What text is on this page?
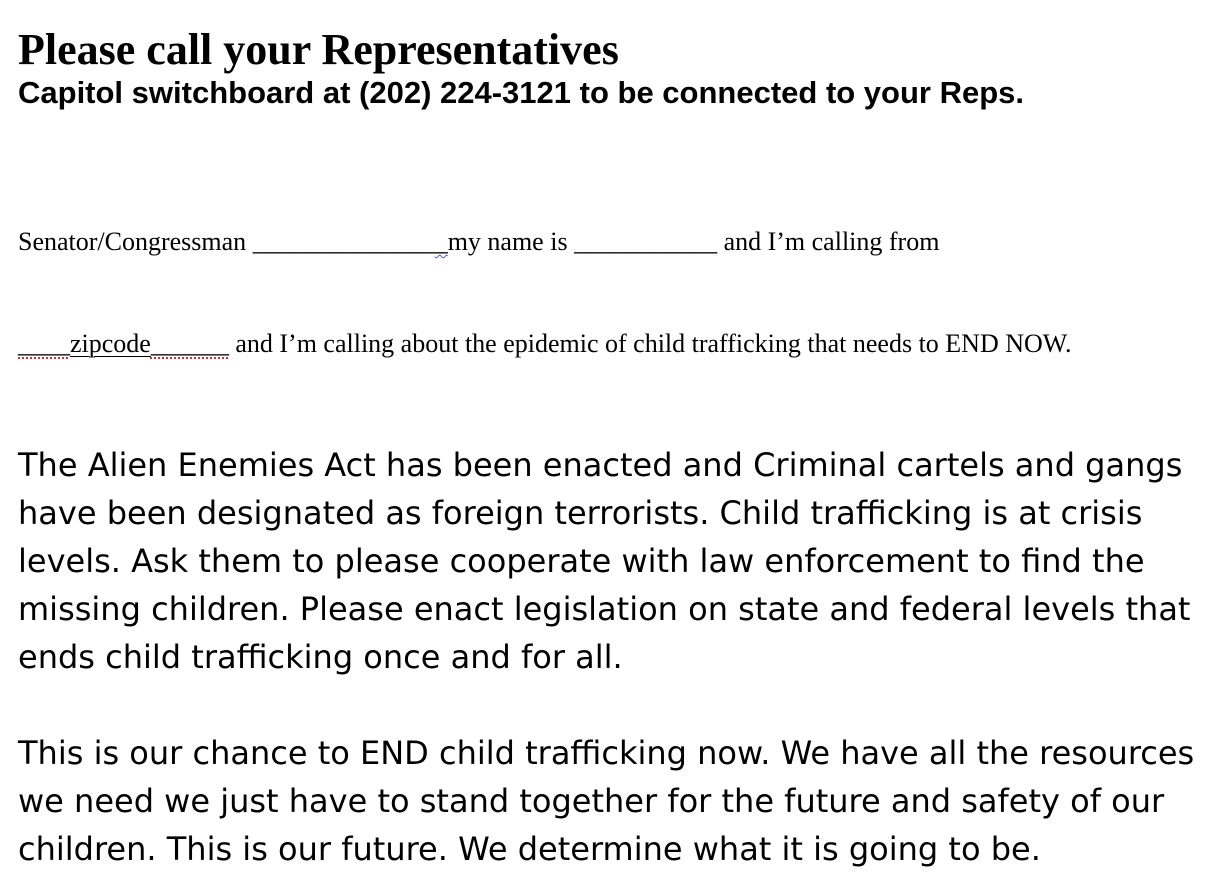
Please call your Representatives
Capitol switchboard at (202) 224-3121 to be connected to your Reps.

Senator/Congressman _______________my name is ___________ and I’m calling from

____zipcode______ and I’m calling about the epidemic of child trafficking that needs to END NOW.

The Alien Enemies Act has been enacted and Criminal cartels and gangs
have been designated as foreign terrorists. Child trafficking is at crisis
levels. Ask them to please cooperate with law enforcement to find the
missing children. Please enact legislation on state and federal levels that
ends child trafficking once and for all.
This is our chance to END child trafficking now. We have all the resources
we need we just have to stand together for the future and safety of our
children. This is our future. We determine what it is going to be.
